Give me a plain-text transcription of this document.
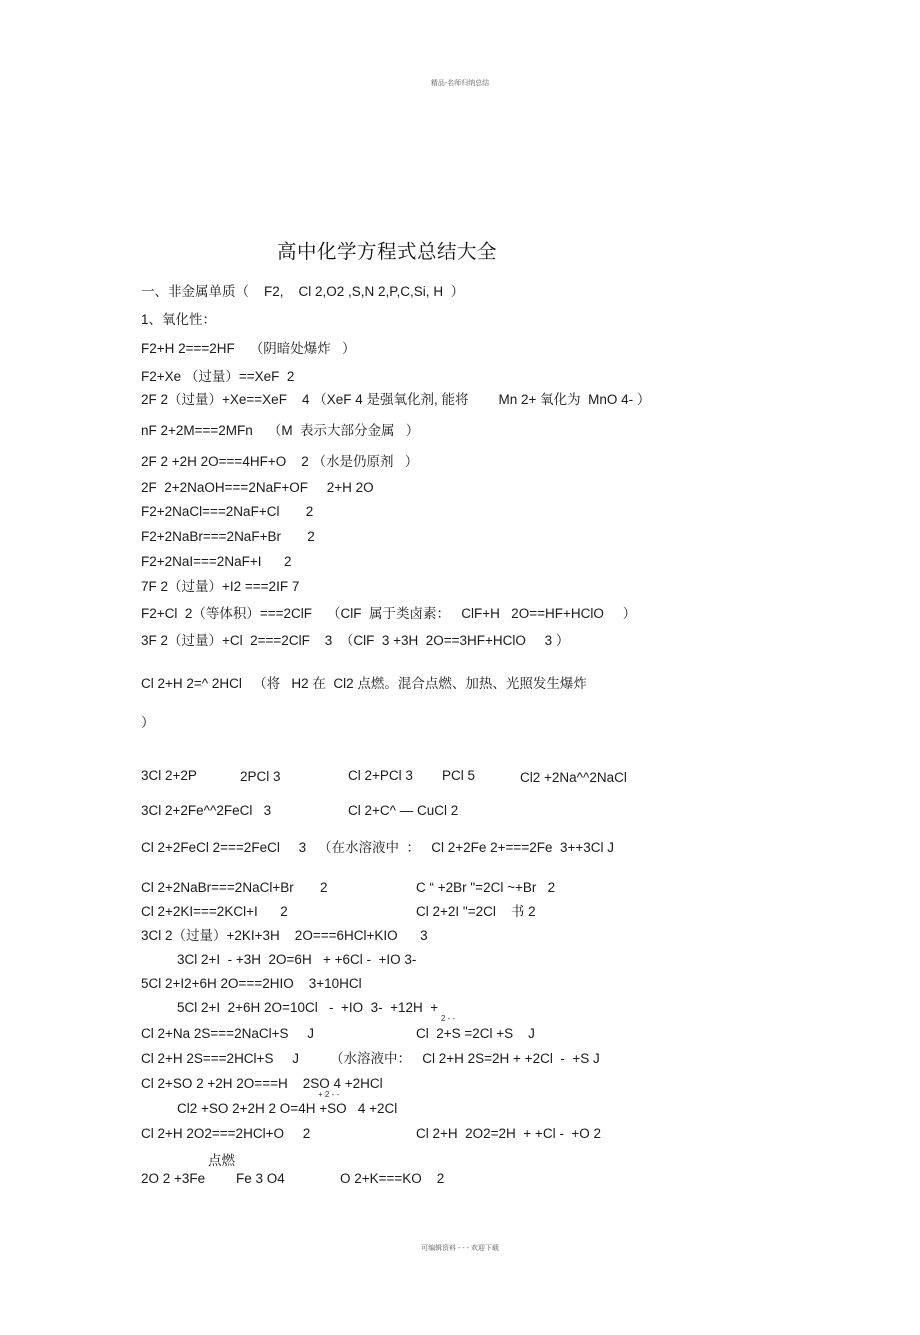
精品-名师归纳总结
高中化学方程式总结大全

一、非金属单质（    F2,    Cl 2,O2 ,S,N 2,P,C,Si, H  ）

1、氧化性：

F2+H 2===2HF    （阴暗处爆炸   ）

F2+Xe （过量）==XeF  2

2F 2（过量）+Xe==XeF    4 （XeF 4 是强氧化剂, 能将        Mn 2+ 氧化为  MnO 4- ）

nF 2+2M===2MFn    （M  表示大部分金属   ）

2F 2 +2H 2O===4HF+O    2 （水是仍原剂   ）

2F  2+2NaOH===2NaF+OF     2+H 2O

F2+2NaCl===2NaF+Cl       2

F2+2NaBr===2NaF+Br       2

F2+2NaI===2NaF+I      2

7F 2（过量）+I2 ===2IF 7

F2+Cl  2（等体积）===2ClF    （ClF  属于类卤素：   ClF+H   2O==HF+HClO     ）

3F 2（过量）+Cl  2===2ClF    3  （ClF  3 +3H  2O==3HF+HClO     3 ）

Cl 2+H 2=^ 2HCl   （将   H2 在  Cl2 点燃。混合点燃、加热、光照发生爆炸

）

3Cl 2+2P	2PCl 3	Cl 2+PCl 3 PCl 5	Cl2 +2Na^^2NaCl

3Cl 2+2Fe^^2FeCl   3	Cl 2+C^ — CuCl 2

Cl 2+2FeCl 2===2FeCl     3 （在水溶液中  ：   Cl 2+2Fe 2+===2Fe  3++3Cl J

Cl 2+2NaBr===2NaCl+Br       2	C “ +2Br "=2Cl ~+Br   2

Cl 2+2KI===2KCl+I      2	Cl 2+2I "=2Cl    书 2

3Cl 2（过量）+2KI+3H    2O===6HCl+KIO      3

3Cl 2+I  - +3H  2O=6H   + +6Cl -  +IO 3-

5Cl 2+I2+6H 2O===2HIO    3+10HCl

5Cl 2+I  2+6H 2O=10Cl   -  +IO  3-  +12H  +

2 - -

Cl 2+Na 2S===2NaCl+S     J	Cl  2+S =2Cl +S    J

Cl 2+H 2S===2HCl+S     J （水溶液中：   Cl 2+H 2S=2H + +2Cl  -  +S J

Cl 2+SO 2 +2H 2O===H    2SO 4 +2HCl

+ 2 - -

Cl2 +SO 2+2H 2 O=4H +SO   4 +2Cl

Cl 2+H 2O2===2HCl+O     2	Cl 2+H  2O2=2H  + +Cl -  +O 2

点燃

2O 2 +3Fe Fe 3 O4	O 2+K===KO    2

可编辑资料 - - - 欢迎下载
